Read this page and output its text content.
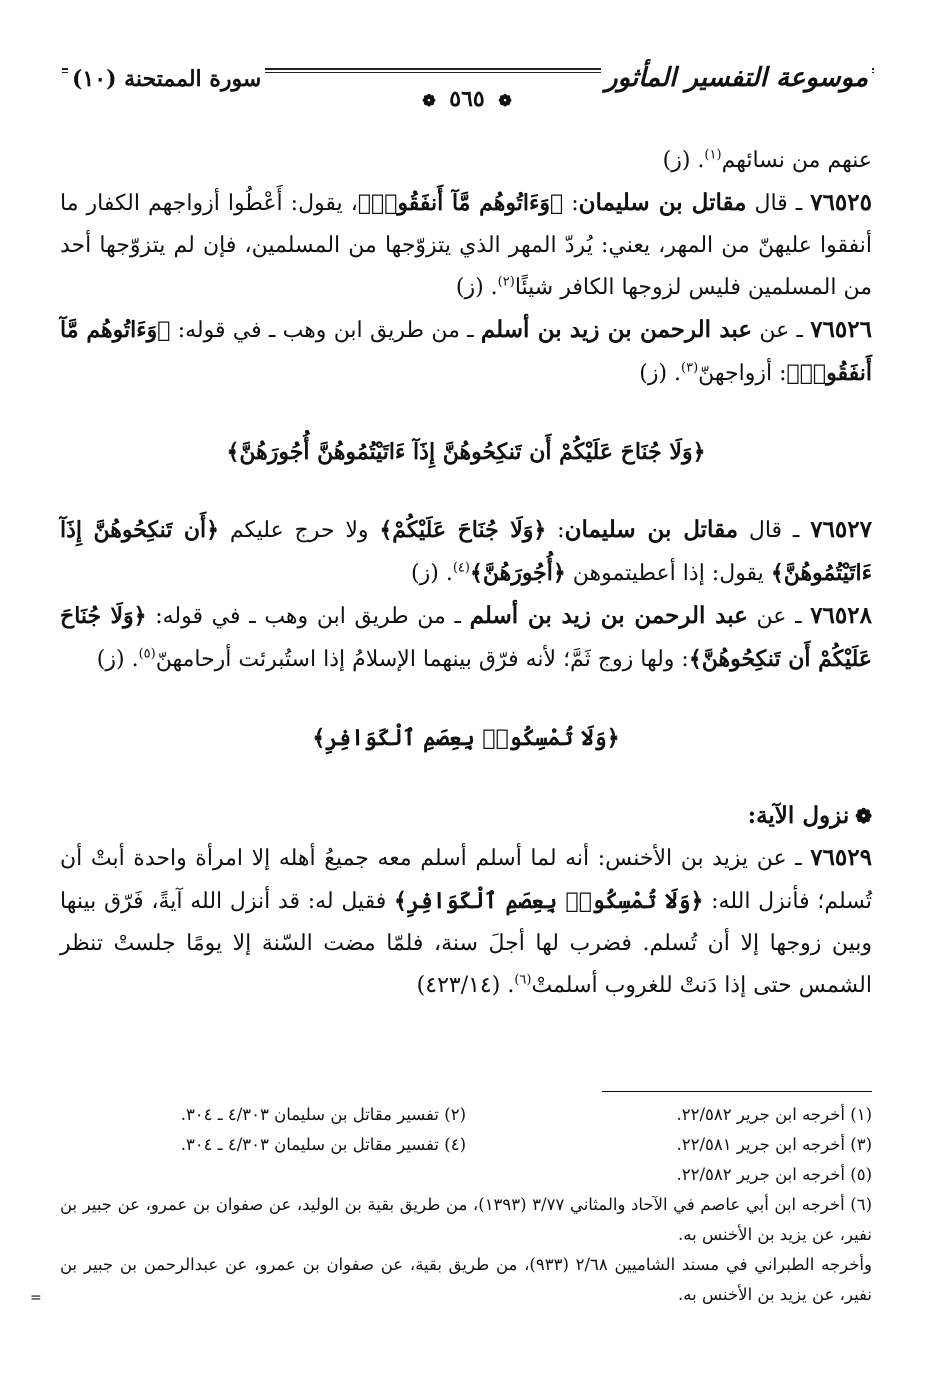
موسوعة التفسير المأثور
سورة الممتحنة (١٠)
❁ ٥٦٥ ❁

عنهم من نسائهم$^{(١)}$. (ز)

٧٦٥٢٥ ـ قال مقاتل بن سليمان: ﴿وَءَاتُوهُم مَّآ أَنفَقُوا۟﴾، يقول: أَعْطُوا أزواجهم الكفار ما أنفقوا عليهنّ من المهر، يعني: يُردّ المهر الذي يتزوّجها من المسلمين، فإن لم يتزوّجها أحد من المسلمين فليس لزوجها الكافر شيئًا$^{(٢)}$. (ز)

٧٦٥٢٦ ـ عن عبد الرحمن بن زيد بن أسلم ـ من طريق ابن وهب ـ في قوله: ﴿وَءَاتُوهُم مَّآ أَنفَقُوا۟﴾: أزواجهنّ$^{(٣)}$. (ز)

﴿وَلَا جُنَاحَ عَلَيْكُمْ أَن تَنكِحُوهُنَّ إِذَآ ءَاتَيْتُمُوهُنَّ أُجُورَهُنَّ﴾

٧٦٥٢٧ ـ قال مقاتل بن سليمان: ﴿وَلَا جُنَاحَ عَلَيْكُمْ﴾ ولا حرج عليكم ﴿أَن تَنكِحُوهُنَّ إِذَآ ءَاتَيْتُمُوهُنَّ﴾ يقول: إذا أعطيتموهن ﴿أُجُورَهُنَّ﴾$^{(٤)}$. (ز)

٧٦٥٢٨ ـ عن عبد الرحمن بن زيد بن أسلم ـ من طريق ابن وهب ـ في قوله: ﴿وَلَا جُنَاحَ عَلَيْكُمْ أَن تَنكِحُوهُنَّ﴾: ولها زوج ثَمَّ؛ لأنه فرّق بينهما الإسلامُ إذا استُبرئت أرحامهنّ$^{(٥)}$. (ز)

﴿وَلَا تُمْسِكُوا۟ بِعِصَمِ ٱلْكَوَافِرِ﴾
❁نزول الآية:

٧٦٥٢٩ ـ عن يزيد بن الأخنس: أنه لما أسلم أسلم معه جميعُ أهله إلا امرأة واحدة أبتْ أن تُسلم؛ فأنزل الله: ﴿وَلَا تُمْسِكُوا۟ بِعِصَمِ ٱلْكَوَافِرِ﴾ فقيل له: قد أنزل الله آيةً، فَرّق بينها وبين زوجها إلا أن تُسلم. فضرب لها أجلَ سنة، فلمّا مضت السّنة إلا يومًا جلستْ تنظر الشمس حتى إذا دَنتْ للغروب أسلمتْ$^{(٦)}$. (٤٢٣/١٤)

(١) أخرجه ابن جرير ٢٢/٥٨٢.
(٢) تفسير مقاتل بن سليمان ٤/٣٠٣ ـ ٣٠٤.
(٣) أخرجه ابن جرير ٢٢/٥٨١.
(٤) تفسير مقاتل بن سليمان ٤/٣٠٣ ـ ٣٠٤.
(٥) أخرجه ابن جرير ٢٢/٥٨٢.
(٦) أخرجه ابن أبي عاصم في الآحاد والمثاني ٣/٧٧ (١٣٩٣)، من طريق بقية بن الوليد، عن صفوان بن عمرو، عن جبير بن نفير، عن يزيد بن الأخنس به.
وأخرجه الطبراني في مسند الشاميين ٢/٦٨ (٩٣٣)، من طريق بقية، عن صفوان بن عمرو، عن عبدالرحمن بن جبير بن نفير، عن يزيد بن الأخنس به.
=
